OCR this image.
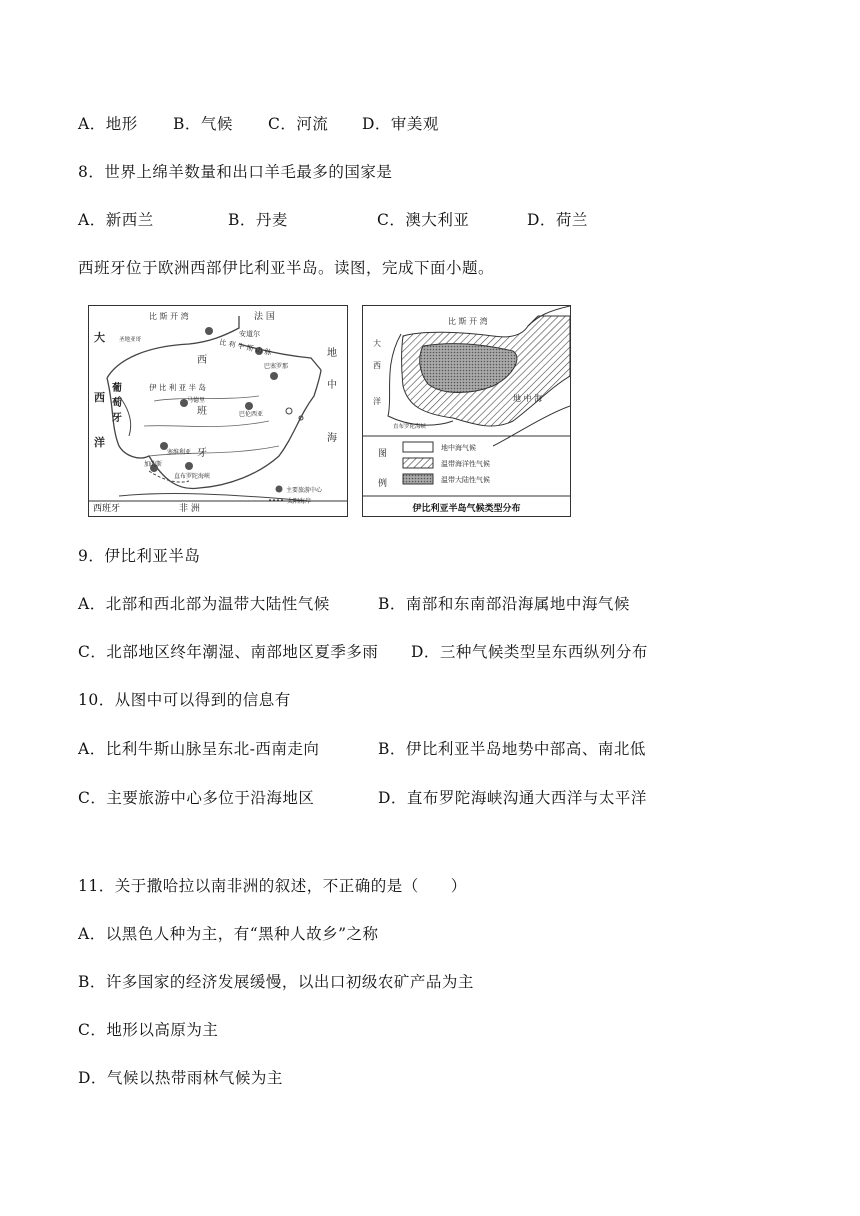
A．地形 B．气候 C．河流 D．审美观
8．世界上绵羊数量和出口羊毛最多的国家是
A．新西兰	B．丹麦	C．澳大利亚	D．荷兰
西班牙位于欧洲西部伊比利亚半岛。读图，完成下面小题。
比 斯 开 湾	法 国
大
西
洋
葡
萄
牙
西
班
牙
伊 比 利 亚 半 岛
比 利 牛 斯 山 脉	地
中
海
非 洲
安道尔
马德里
巴塞罗那
巴伦西亚
塞维利亚
加的斯
直布罗陀海峡
圣地亚哥
主要旅游中心
太阳海岸
西班牙
比 斯 开 湾
大
西
洋	地 中 海
直布罗陀海峡
图
例
地中海气候
温带海洋性气候
温带大陆性气候
伊比利亚半岛气候类型分布
9．伊比利亚半岛
A．北部和西北部为温带大陆性气候	B．南部和东南部沿海属地中海气候
C．北部地区终年潮湿、南部地区夏季多雨 D．三种气候类型呈东西纵列分布
10．从图中可以得到的信息有
A．比利牛斯山脉呈东北-西南走向	B．伊比利亚半岛地势中部高、南北低
C．主要旅游中心多位于沿海地区	D．直布罗陀海峡沟通大西洋与太平洋
11．关于撒哈拉以南非洲的叙述，不正确的是（　　）
A．以黑色人种为主，有“黑种人故乡”之称
B．许多国家的经济发展缓慢，以出口初级农矿产品为主
C．地形以高原为主
D．气候以热带雨林气候为主
